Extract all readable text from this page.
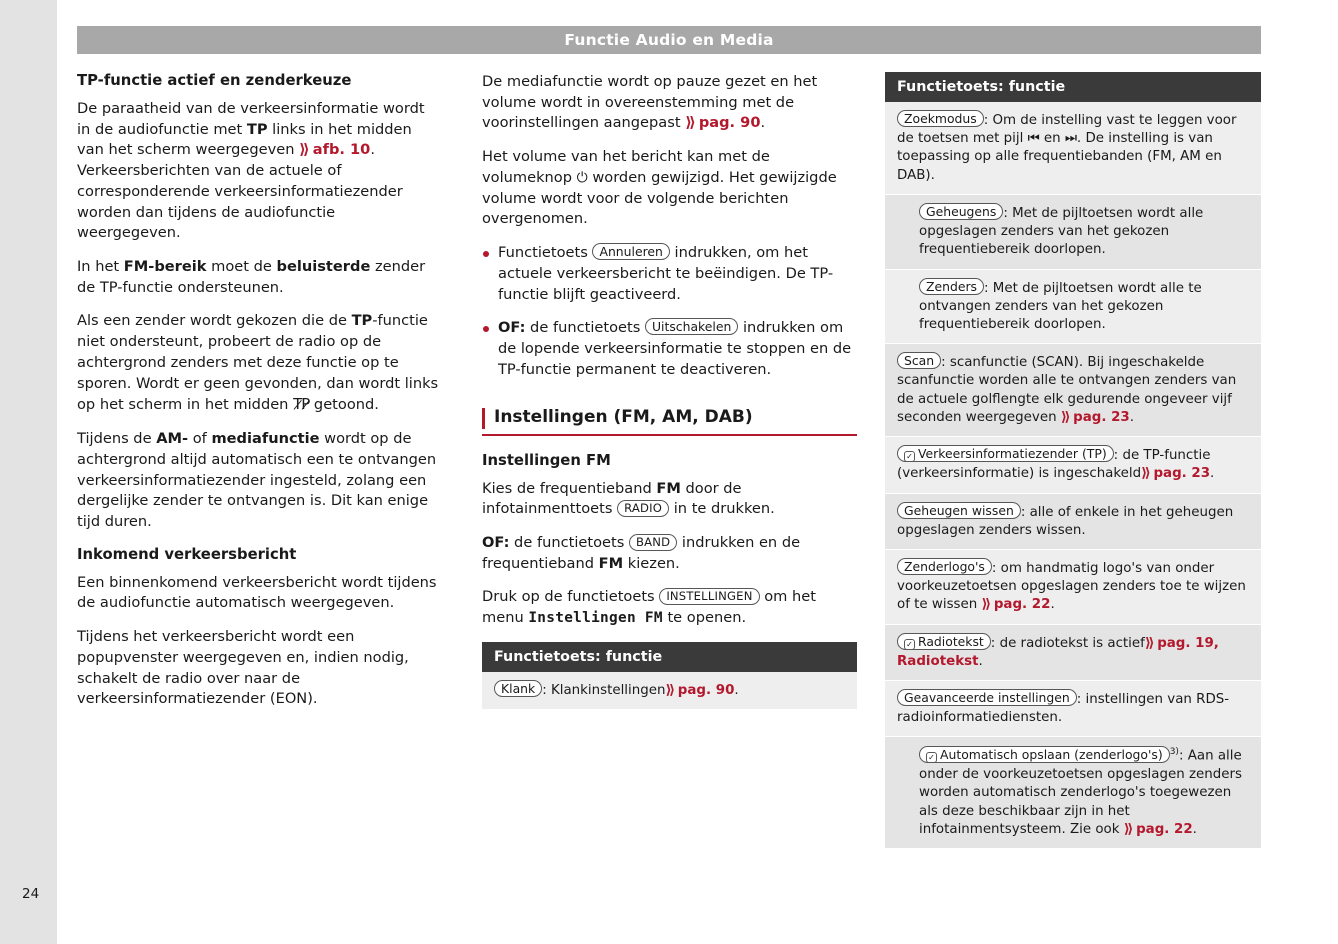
Functie Audio en Media
24
TP-functie actief en zenderkeuze

De paraatheid van de verkeersinformatie wordt in de audiofunctie met TP links in het midden van het scherm weergegeven ⟫ afb. 10. Verkeersberichten van de actuele of corresponderende verkeersinformatiezender worden dan tijdens de audiofunctie weergegeven.

In het FM-bereik moet de beluisterde zender de TP-functie ondersteunen.

Als een zender wordt gekozen die de TP-functie niet ondersteunt, probeert de radio op de achtergrond zenders met deze functie op te sporen. Wordt er geen gevonden, dan wordt links op het scherm in het midden T̷P̷ getoond.

Tijdens de AM- of mediafunctie wordt op de achtergrond altijd automatisch een te ontvangen verkeersinformatiezender ingesteld, zolang een dergelijke zender te ontvangen is. Dit kan enige tijd duren.

Inkomend verkeersbericht

Een binnenkomend verkeersbericht wordt tijdens de audiofunctie automatisch weergegeven.

Tijdens het verkeersbericht wordt een popupvenster weergegeven en, indien nodig, schakelt de radio over naar de verkeersinformatiezender (EON).

De mediafunctie wordt op pauze gezet en het volume wordt in overeenstemming met de voorinstellingen aangepast ⟫ pag. 90.

Het volume van het bericht kan met de volumeknop ⏻ worden gewijzigd. Het gewijzigde volume wordt voor de volgende berichten overgenomen.

Functietoets Annuleren indrukken, om het actuele verkeersbericht te beëindigen. De TP-functie blijft geactiveerd.
OF: de functietoets Uitschakelen indrukken om de lopende verkeersinformatie te stoppen en de TP-functie permanent te deactiveren.
Instellingen (FM, AM, DAB)
Instellingen FM

Kies de frequentieband FM door de infotainmenttoets RADIO in te drukken.

OF: de functietoets BAND indrukken en de frequentieband FM kiezen.

Druk op de functietoets INSTELLINGEN om het menu Instellingen FM te openen.

Functietoets: functie
Klank : Klankinstellingen⟫ pag. 90.
Functietoets: functie
Zoekmodus : Om de instelling vast te leggen voor de toetsen met pijl ⏮ en ⏭. De instelling is van toepassing op alle frequentiebanden (FM, AM en DAB).
Geheugens : Met de pijltoetsen wordt alle opgeslagen zenders van het gekozen frequentiebereik doorlopen.
Zenders : Met de pijltoetsen wordt alle te ontvangen zenders van het gekozen frequentiebereik doorlopen.
Scan : scanfunctie (SCAN). Bij ingeschakelde scanfunctie worden alle te ontvangen zenders van de actuele golflengte elk gedurende ongeveer vijf seconden weergegeven ⟫ pag. 23.
✓ Verkeersinformatiezender (TP) : de TP-functie (verkeersinformatie) is ingeschakeld⟫ pag. 23.
Geheugen wissen : alle of enkele in het geheugen opgeslagen zenders wissen.
Zenderlogo's : om handmatig logo's van onder voorkeuzetoetsen opgeslagen zenders toe te wijzen of te wissen ⟫ pag. 22.
✓ Radiotekst : de radiotekst is actief⟫ pag. 19, Radiotekst.
Geavanceerde instellingen : instellingen van RDS-radioinformatiediensten.
✓ Automatisch opslaan (zenderlogo's) $^{3)}$: Aan alle onder de voorkeuzetoetsen opgeslagen zenders worden automatisch zenderlogo's toegewezen als deze beschikbaar zijn in het infotainmentsysteem. Zie ook ⟫ pag. 22.
